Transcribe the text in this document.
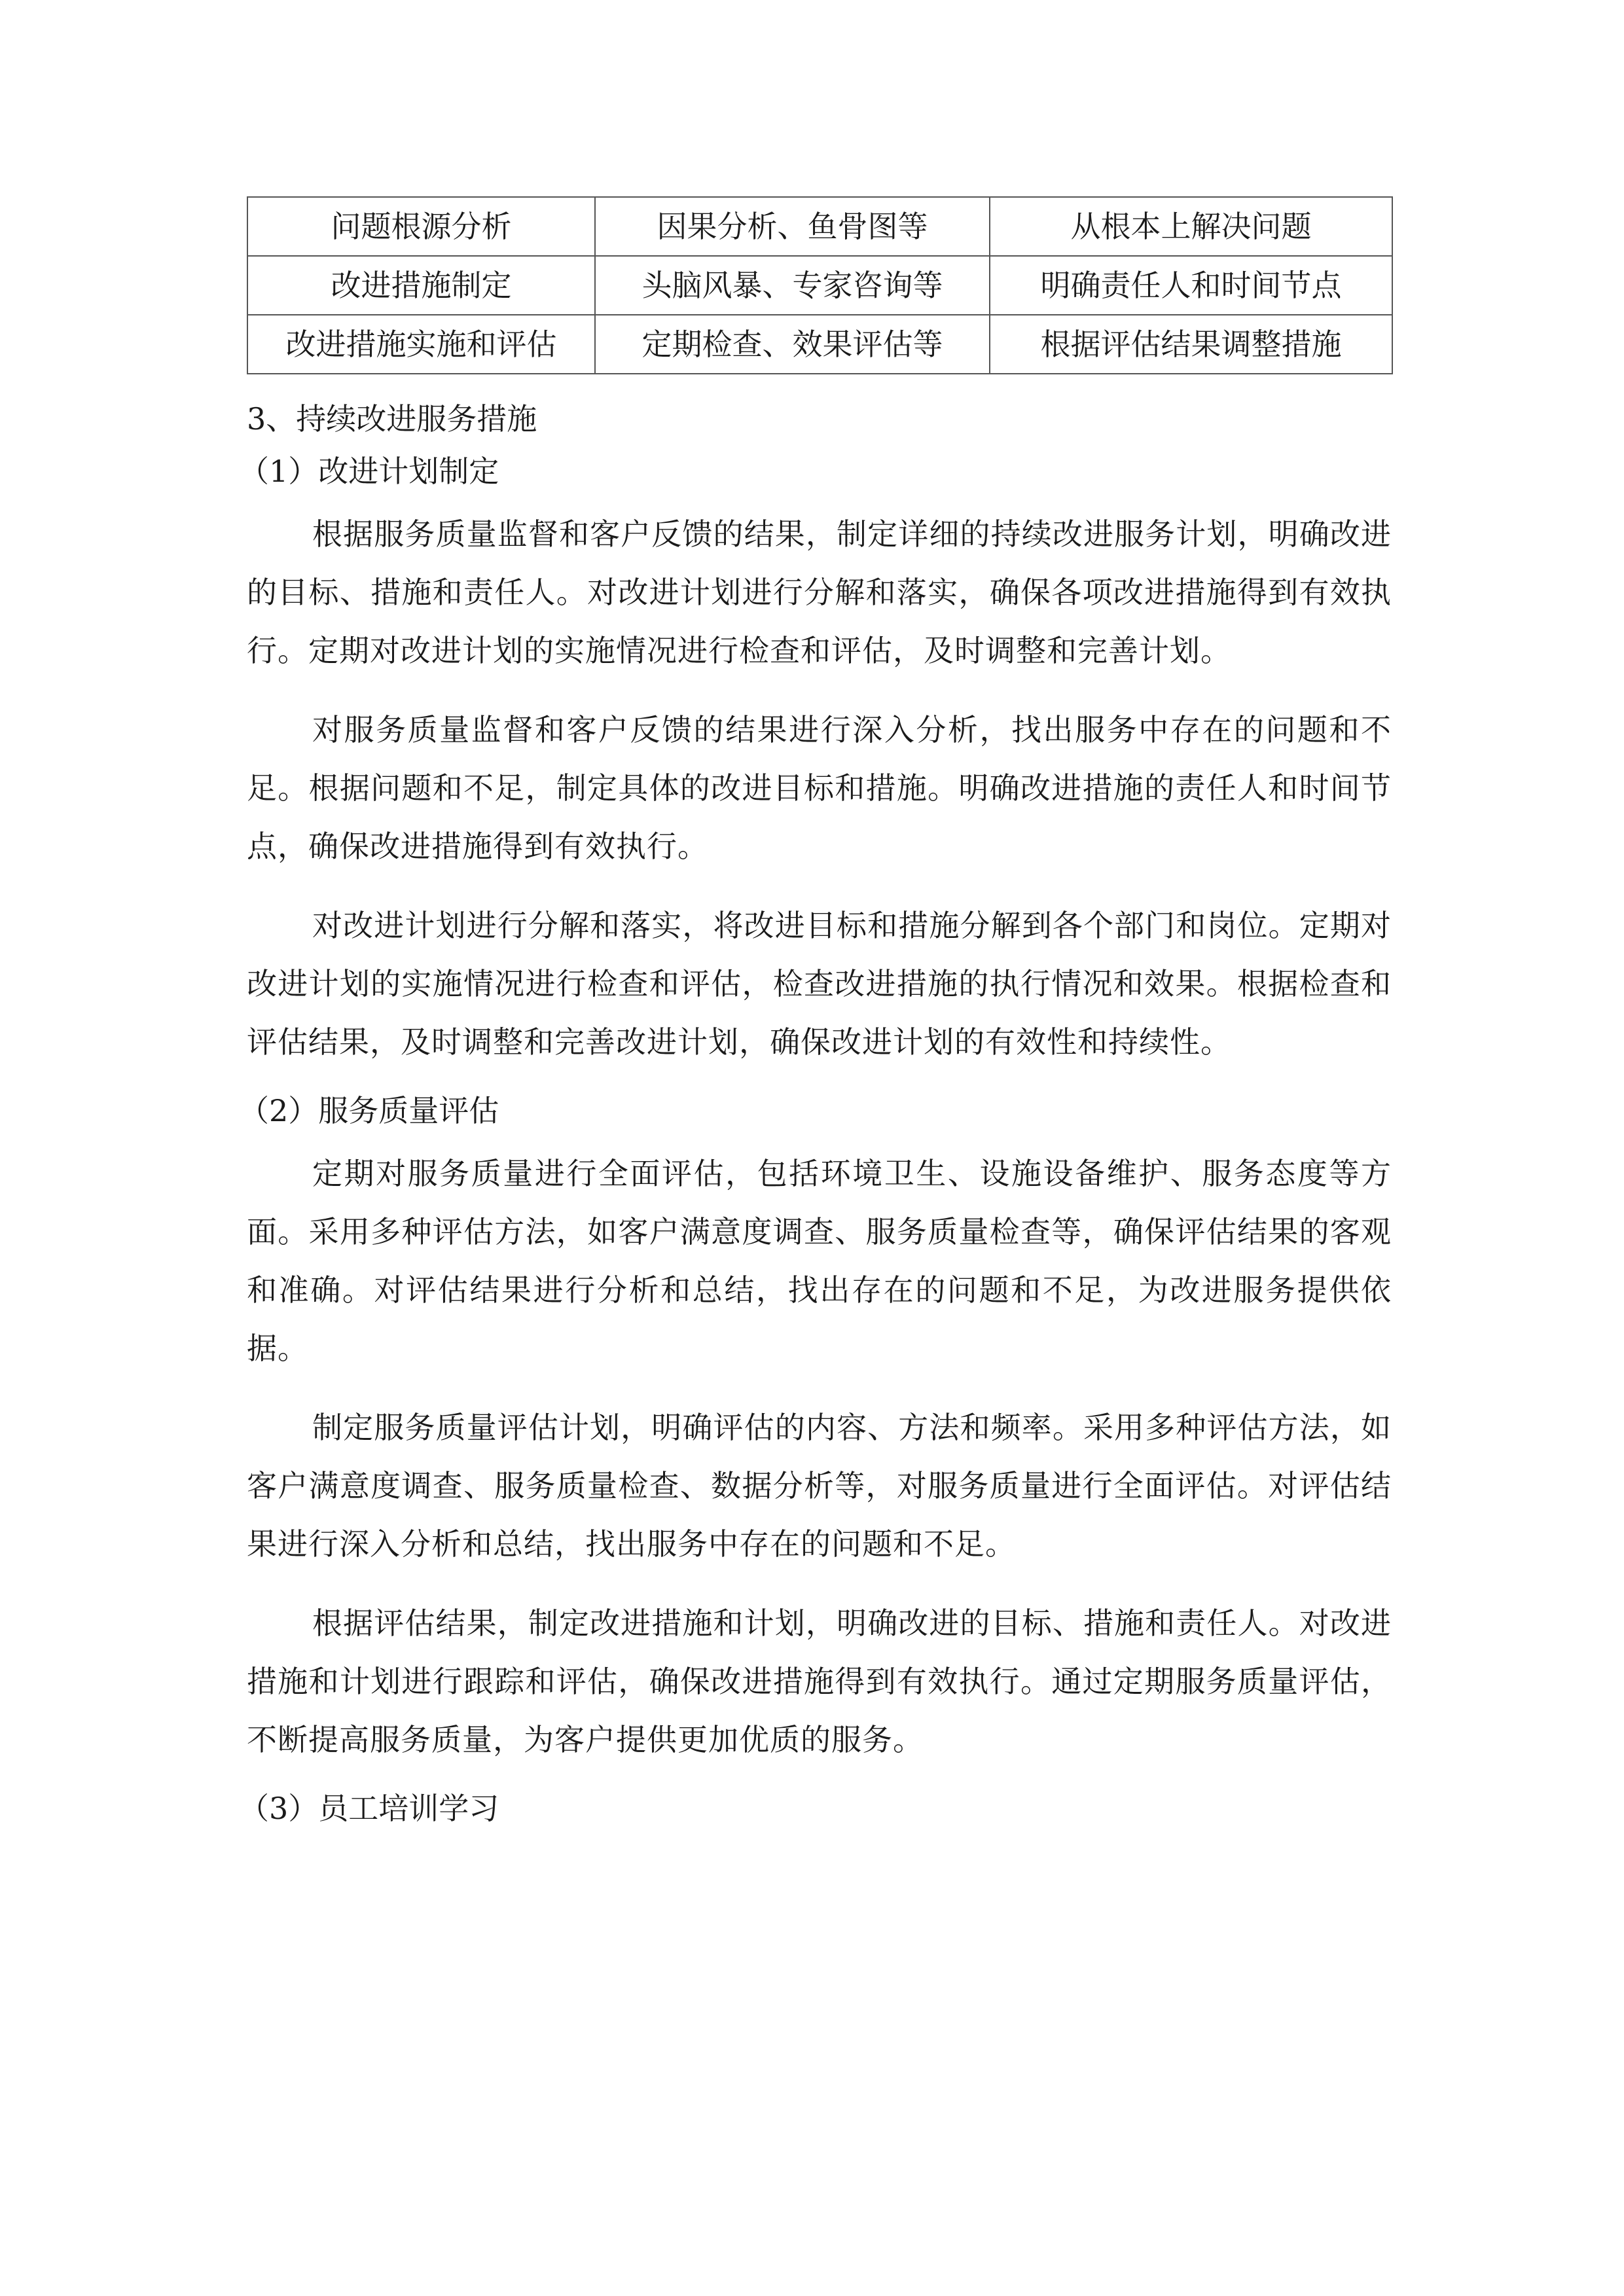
问题根源分析	因果分析、鱼骨图等	从根本上解决问题
改进措施制定	头脑风暴、专家咨询等	明确责任人和时间节点
改进措施实施和评估	定期检查、效果评估等	根据评估结果调整措施

3、持续改进服务措施

（1）改进计划制定

根据服务质量监督和客户反馈的结果，制定详细的持续改进服务计划，明确改进的目标、措施和责任人。对改进计划进行分解和落实，确保各项改进措施得到有效执行。定期对改进计划的实施情况进行检查和评估，及时调整和完善计划。

对服务质量监督和客户反馈的结果进行深入分析，找出服务中存在的问题和不足。根据问题和不足，制定具体的改进目标和措施。明确改进措施的责任人和时间节点，确保改进措施得到有效执行。

对改进计划进行分解和落实，将改进目标和措施分解到各个部门和岗位。定期对改进计划的实施情况进行检查和评估，检查改进措施的执行情况和效果。根据检查和评估结果，及时调整和完善改进计划，确保改进计划的有效性和持续性。

（2）服务质量评估

定期对服务质量进行全面评估，包括环境卫生、设施设备维护、服务态度等方面。采用多种评估方法，如客户满意度调查、服务质量检查等，确保评估结果的客观和准确。对评估结果进行分析和总结，找出存在的问题和不足，为改进服务提供依据。

制定服务质量评估计划，明确评估的内容、方法和频率。采用多种评估方法，如客户满意度调查、服务质量检查、数据分析等，对服务质量进行全面评估。对评估结果进行深入分析和总结，找出服务中存在的问题和不足。

根据评估结果，制定改进措施和计划，明确改进的目标、措施和责任人。对改进措施和计划进行跟踪和评估，确保改进措施得到有效执行。通过定期服务质量评估，不断提高服务质量，为客户提供更加优质的服务。

（3）员工培训学习
